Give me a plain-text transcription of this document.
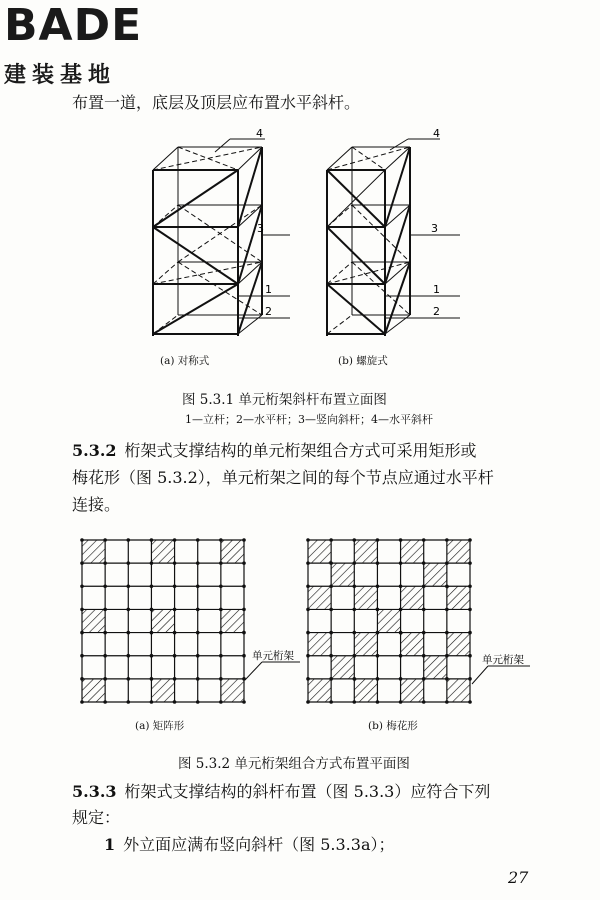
BADE
建装基地
布置一道，底层及顶层应布置水平斜杆。
4
3
1
2
4
3
1
2
(a) 对称式	(b) 螺旋式
图 5.3.1 单元桁架斜杆布置立面图
1—立杆；2—水平杆；3—竖向斜杆；4—水平斜杆
5.3.2 桁架式支撑结构的单元桁架组合方式可采用矩形或
梅花形（图 5.3.2），单元桁架之间的每个节点应通过水平杆
连接。
单元桁架	单元桁架
(a) 矩阵形	(b) 梅花形
图 5.3.2 单元桁架组合方式布置平面图
5.3.3 桁架式支撑结构的斜杆布置（图 5.3.3）应符合下列
规定：
1 外立面应满布竖向斜杆（图 5.3.3a）；
27
